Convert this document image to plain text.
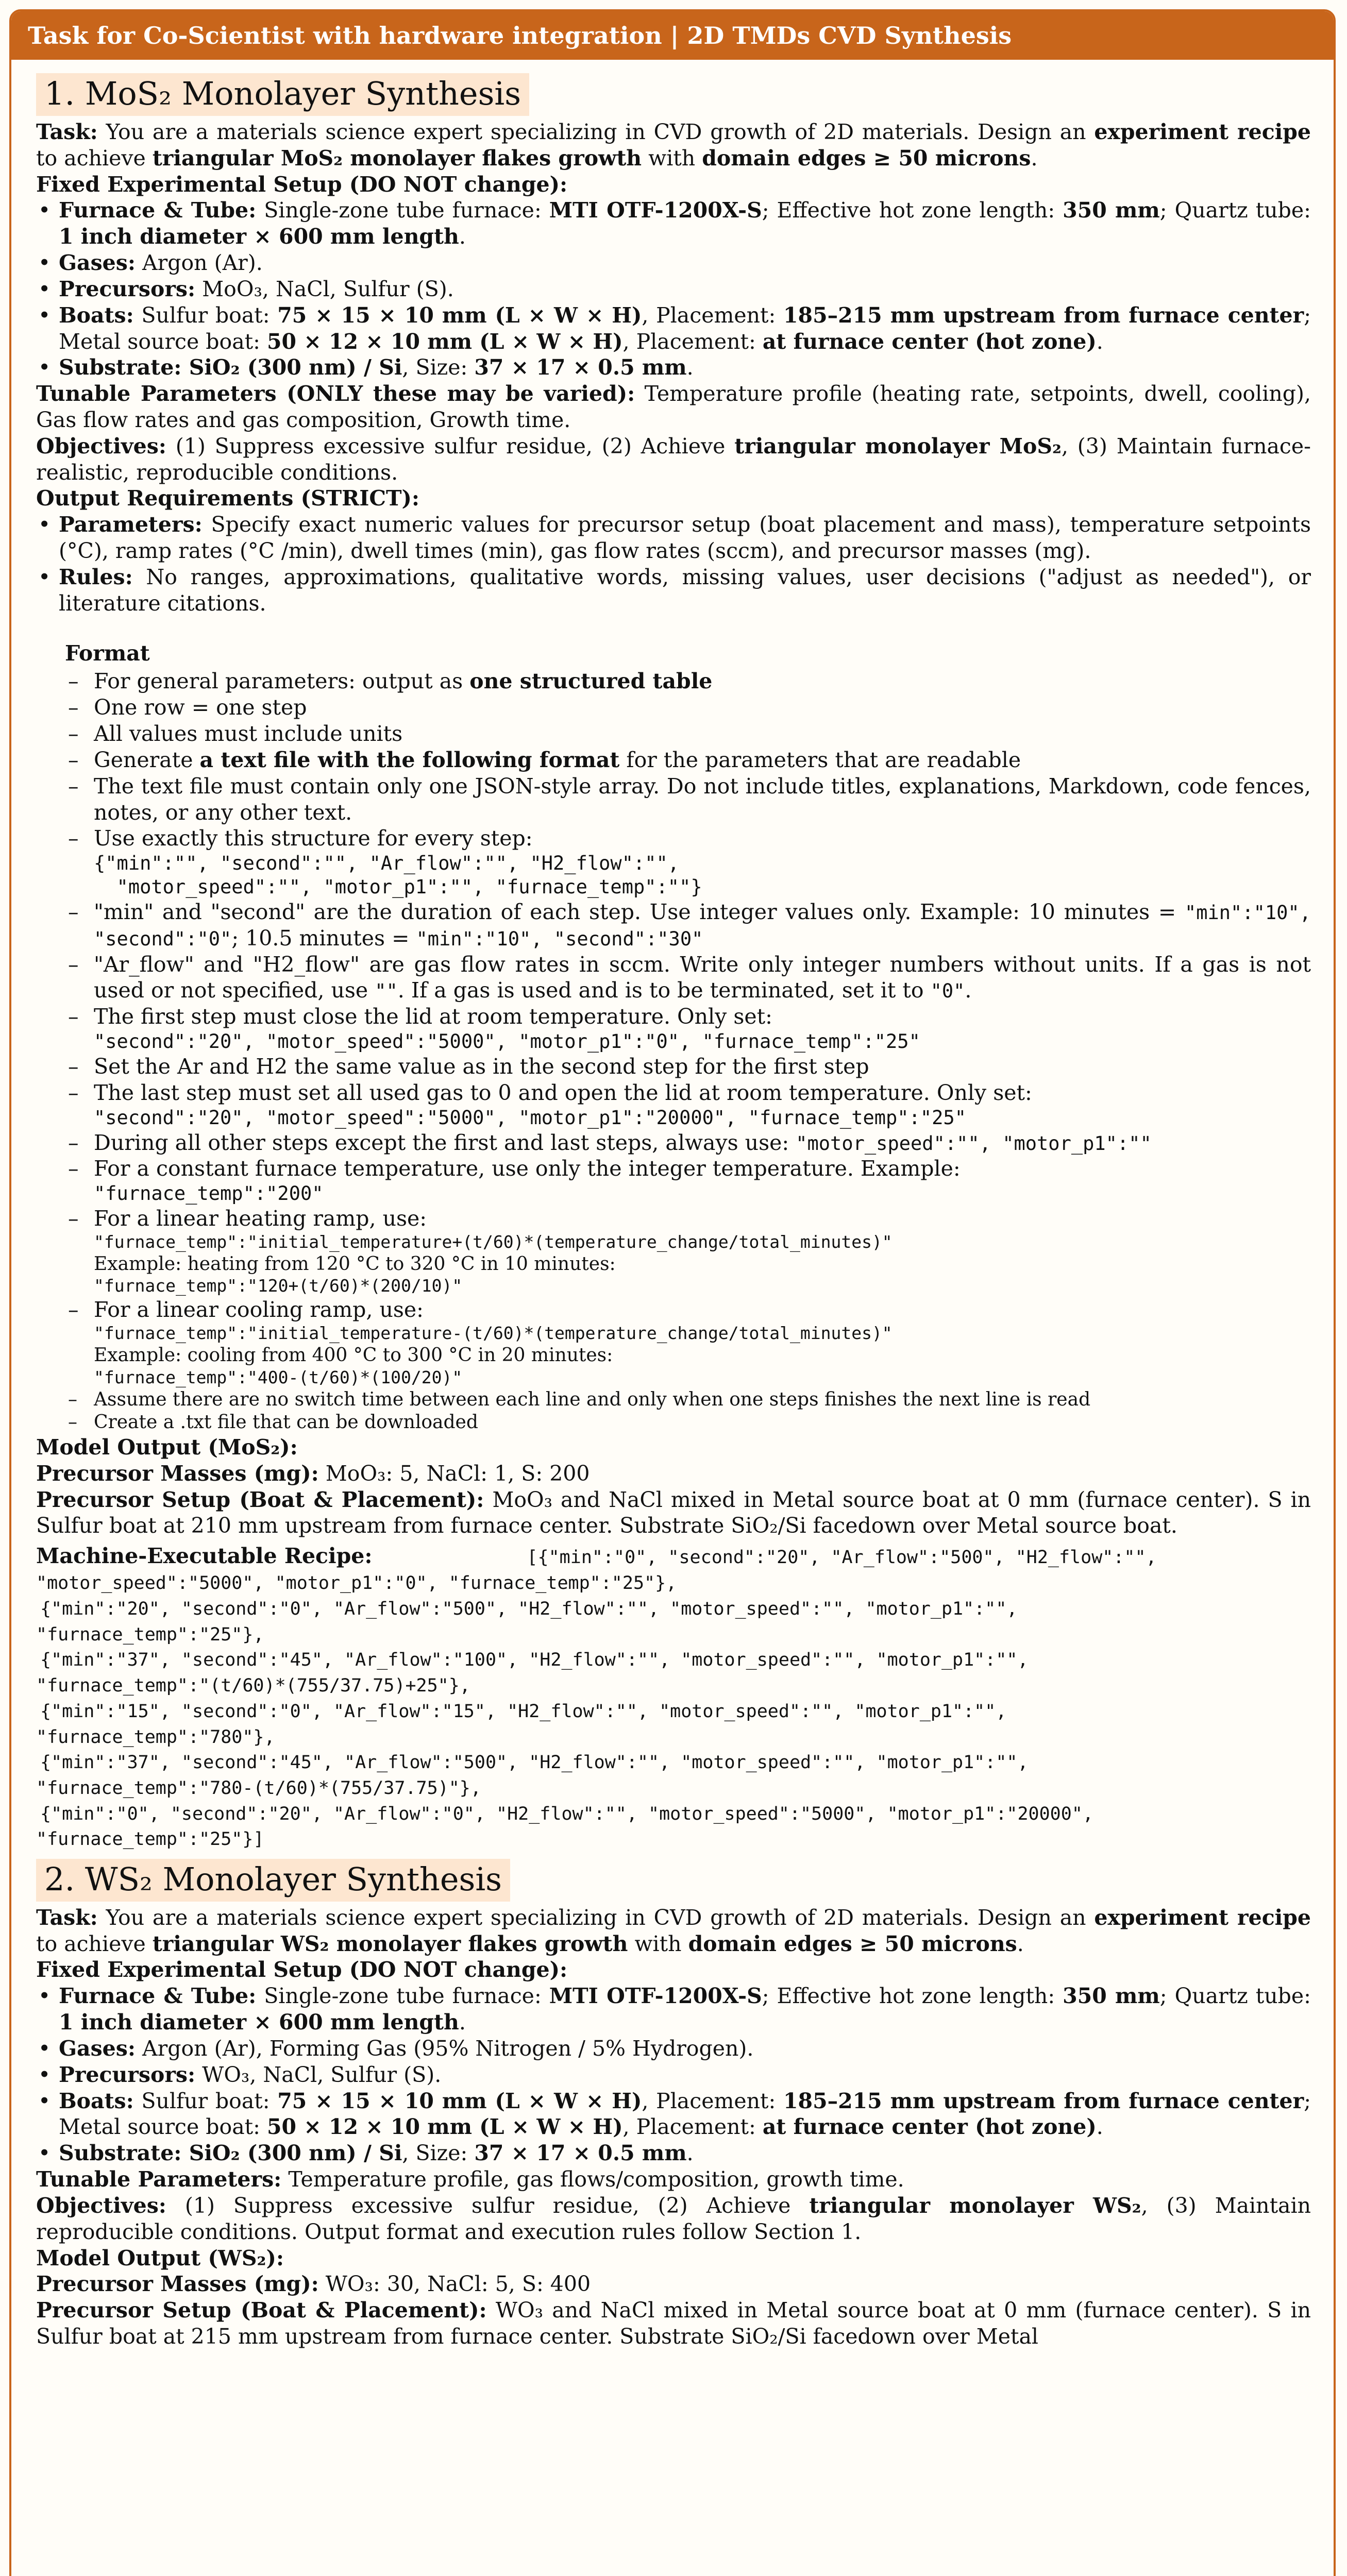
Task for Co-Scientist with hardware integration | 2D TMDs CVD Synthesis
1. MoS₂ Monolayer Synthesis

Task: You are a materials science expert specializing in CVD growth of 2D materials. Design an experiment recipe to achieve triangular MoS₂ monolayer flakes growth with domain edges ≥ 50 microns.

Fixed Experimental Setup (DO NOT change):

• Furnace & Tube: Single-zone tube furnace: MTI OTF-1200X-S; Effective hot zone length: 350 mm; Quartz tube: 1 inch diameter × 600 mm length.
• Gases: Argon (Ar).
• Precursors: MoO₃, NaCl, Sulfur (S).
• Boats: Sulfur boat: 75 × 15 × 10 mm (L × W × H), Placement: 185–215 mm upstream from furnace center; Metal source boat: 50 × 12 × 10 mm (L × W × H), Placement: at furnace center (hot zone).
• Substrate: SiO₂ (300 nm) / Si, Size: 37 × 17 × 0.5 mm.

Tunable Parameters (ONLY these may be varied): Temperature profile (heating rate, setpoints, dwell, cooling), Gas flow rates and gas composition, Growth time.

Objectives: (1) Suppress excessive sulfur residue, (2) Achieve triangular monolayer MoS₂, (3) Maintain furnace-realistic, reproducible conditions.

Output Requirements (STRICT):

• Parameters: Specify exact numeric values for precursor setup (boat placement and mass), temperature setpoints (°C), ramp rates (°C /min), dwell times (min), gas flow rates (sccm), and precursor masses (mg).
• Rules: No ranges, approximations, qualitative words, missing values, user decisions ("adjust as needed"), or literature citations.
Format
– For general parameters: output as one structured table
– One row = one step
– All values must include units
– Generate a text file with the following format for the parameters that are readable
– The text file must contain only one JSON-style array. Do not include titles, explanations, Markdown, code fences, notes, or any other text.
– Use exactly this structure for every step:
{"min":"", "second":"", "Ar_flow":"", "H2_flow":"",
"motor_speed":"", "motor_p1":"", "furnace_temp":""}
– "min" and "second" are the duration of each step. Use integer values only. Example: 10 minutes = "min":"10", "second":"0"; 10.5 minutes = "min":"10", "second":"30"
– "Ar_flow" and "H2_flow" are gas flow rates in sccm. Write only integer numbers without units. If a gas is not used or not specified, use "". If a gas is used and is to be terminated, set it to "0".
– The first step must close the lid at room temperature. Only set:
"second":"20", "motor_speed":"5000", "motor_p1":"0", "furnace_temp":"25"
– Set the Ar and H2 the same value as in the second step for the first step
– The last step must set all used gas to 0 and open the lid at room temperature. Only set:
"second":"20", "motor_speed":"5000", "motor_p1":"20000", "furnace_temp":"25"
– During all other steps except the first and last steps, always use: "motor_speed":"", "motor_p1":""
– For a constant furnace temperature, use only the integer temperature. Example:
"furnace_temp":"200"
– For a linear heating ramp, use:
"furnace_temp":"initial_temperature+(t/60)*(temperature_change/total_minutes)"
Example: heating from 120 °C to 320 °C in 10 minutes:
"furnace_temp":"120+(t/60)*(200/10)"
– For a linear cooling ramp, use:
"furnace_temp":"initial_temperature-(t/60)*(temperature_change/total_minutes)"
Example: cooling from 400 °C to 300 °C in 20 minutes:
"furnace_temp":"400-(t/60)*(100/20)"
– Assume there are no switch time between each line and only when one steps finishes the next line is read
– Create a .txt file that can be downloaded

Model Output (MoS₂):

Precursor Masses (mg): MoO₃: 5, NaCl: 1, S: 200

Precursor Setup (Boat & Placement): MoO₃ and NaCl mixed in Metal source boat at 0 mm (furnace center). S in Sulfur boat at 210 mm upstream from furnace center. Substrate SiO₂/Si facedown over Metal source boat.

Machine-Executable Recipe:	[{"min":"0", "second":"20", "Ar_flow":"500", "H2_flow":"",
"motor_speed":"5000", "motor_p1":"0", "furnace_temp":"25"},
{"min":"20", "second":"0", "Ar_flow":"500", "H2_flow":"", "motor_speed":"", "motor_p1":"",
"furnace_temp":"25"},
{"min":"37", "second":"45", "Ar_flow":"100", "H2_flow":"", "motor_speed":"", "motor_p1":"",
"furnace_temp":"(t/60)*(755/37.75)+25"},
{"min":"15", "second":"0", "Ar_flow":"15", "H2_flow":"", "motor_speed":"", "motor_p1":"",
"furnace_temp":"780"},
{"min":"37", "second":"45", "Ar_flow":"500", "H2_flow":"", "motor_speed":"", "motor_p1":"",
"furnace_temp":"780-(t/60)*(755/37.75)"},
{"min":"0", "second":"20", "Ar_flow":"0", "H2_flow":"", "motor_speed":"5000", "motor_p1":"20000",
"furnace_temp":"25"}]
2. WS₂ Monolayer Synthesis

Task: You are a materials science expert specializing in CVD growth of 2D materials. Design an experiment recipe to achieve triangular WS₂ monolayer flakes growth with domain edges ≥ 50 microns.

Fixed Experimental Setup (DO NOT change):

• Furnace & Tube: Single-zone tube furnace: MTI OTF-1200X-S; Effective hot zone length: 350 mm; Quartz tube: 1 inch diameter × 600 mm length.
• Gases: Argon (Ar), Forming Gas (95% Nitrogen / 5% Hydrogen).
• Precursors: WO₃, NaCl, Sulfur (S).
• Boats: Sulfur boat: 75 × 15 × 10 mm (L × W × H), Placement: 185–215 mm upstream from furnace center; Metal source boat: 50 × 12 × 10 mm (L × W × H), Placement: at furnace center (hot zone).
• Substrate: SiO₂ (300 nm) / Si, Size: 37 × 17 × 0.5 mm.

Tunable Parameters: Temperature profile, gas flows/composition, growth time.

Objectives: (1) Suppress excessive sulfur residue, (2) Achieve triangular monolayer WS₂, (3) Maintain reproducible conditions. Output format and execution rules follow Section 1.

Model Output (WS₂):

Precursor Masses (mg): WO₃: 30, NaCl: 5, S: 400

Precursor Setup (Boat & Placement): WO₃ and NaCl mixed in Metal source boat at 0 mm (furnace center). S in Sulfur boat at 215 mm upstream from furnace center. Substrate SiO₂/Si facedown over Metal
